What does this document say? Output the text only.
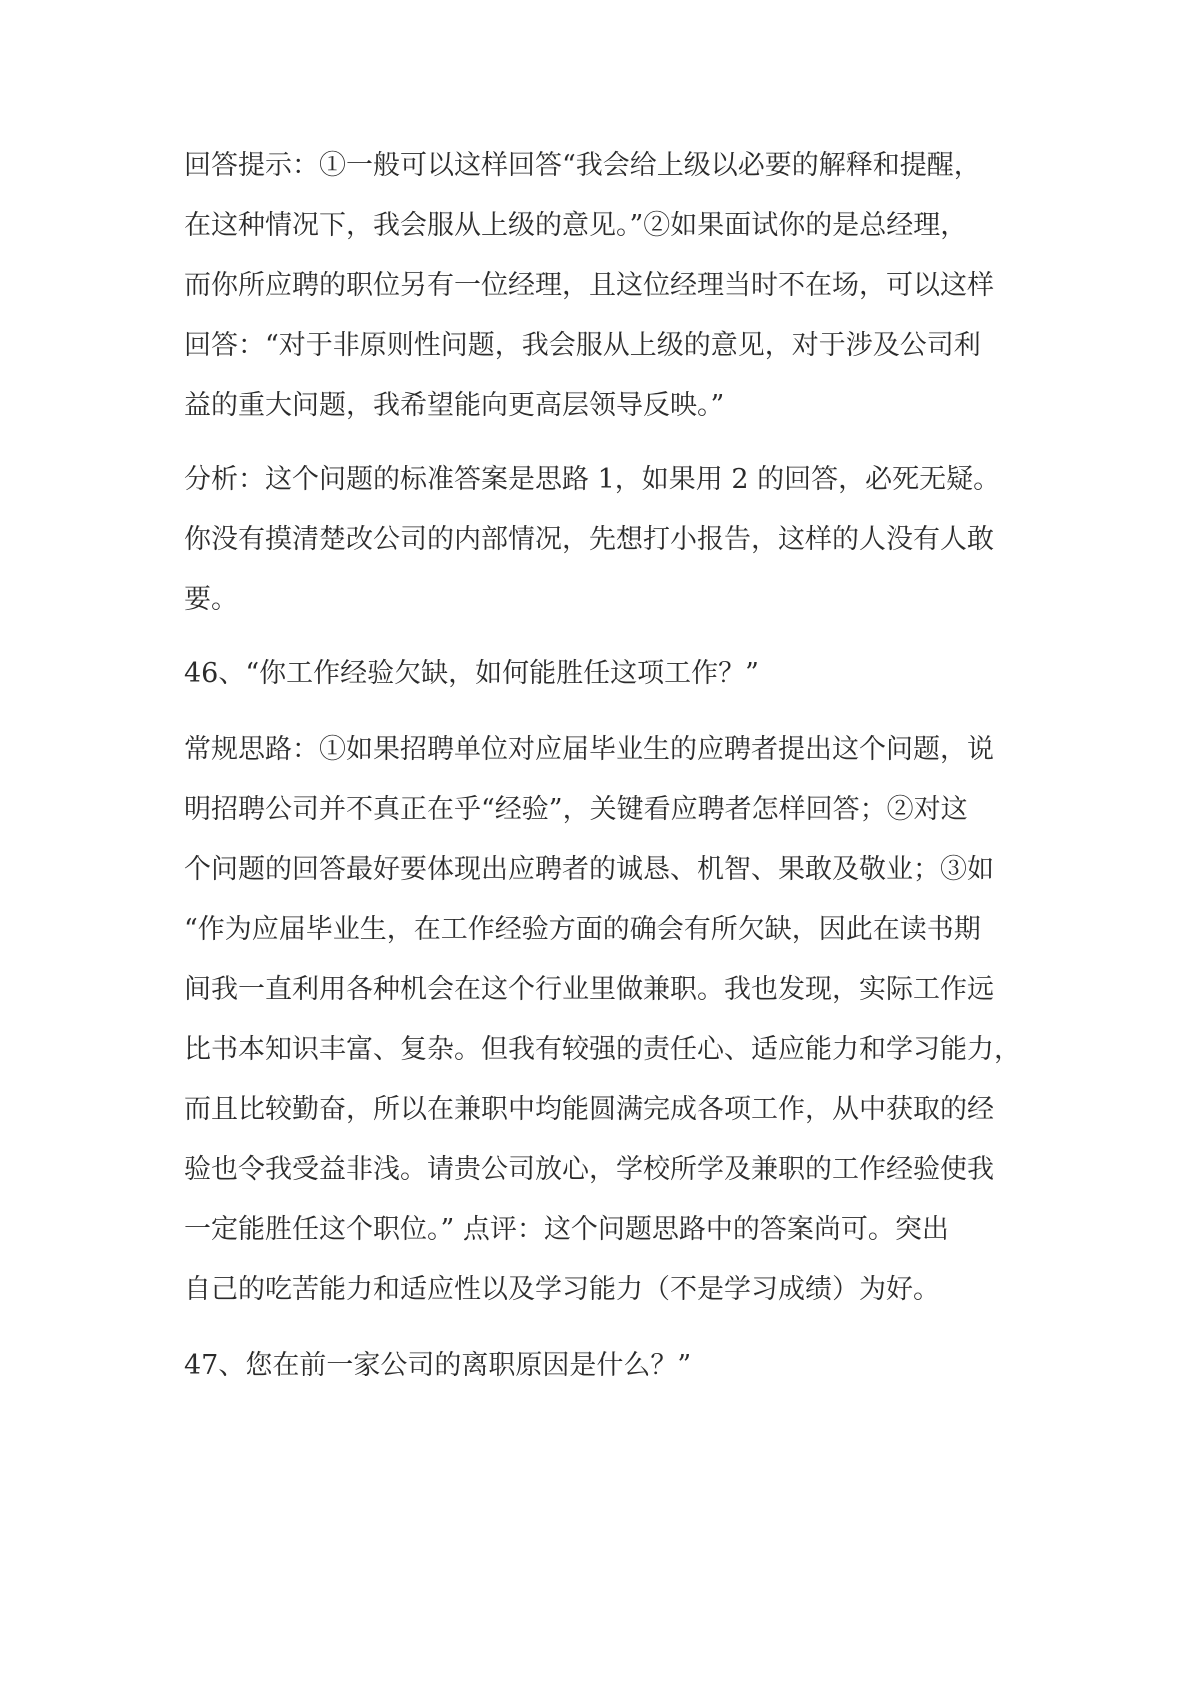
回答提示：①一般可以这样回答“我会给上级以必要的解释和提醒，

在这种情况下，我会服从上级的意见。”②如果面试你的是总经理，

而你所应聘的职位另有一位经理，且这位经理当时不在场，可以这样

回答：“对于非原则性问题，我会服从上级的意见，对于涉及公司利

益的重大问题，我希望能向更高层领导反映。”

分析：这个问题的标准答案是思路 1，如果用 2 的回答，必死无疑。

你没有摸清楚改公司的内部情况，先想打小报告，这样的人没有人敢

要。

46、“你工作经验欠缺，如何能胜任这项工作？”

常规思路：①如果招聘单位对应届毕业生的应聘者提出这个问题，说

明招聘公司并不真正在乎“经验”，关键看应聘者怎样回答；②对这

个问题的回答最好要体现出应聘者的诚恳、机智、果敢及敬业；③如

“作为应届毕业生，在工作经验方面的确会有所欠缺，因此在读书期

间我一直利用各种机会在这个行业里做兼职。我也发现，实际工作远

比书本知识丰富、复杂。但我有较强的责任心、适应能力和学习能力，

而且比较勤奋，所以在兼职中均能圆满完成各项工作，从中获取的经

验也令我受益非浅。请贵公司放心，学校所学及兼职的工作经验使我

一定能胜任这个职位。” 点评：这个问题思路中的答案尚可。突出

自己的吃苦能力和适应性以及学习能力（不是学习成绩）为好。

47、您在前一家公司的离职原因是什么？”
